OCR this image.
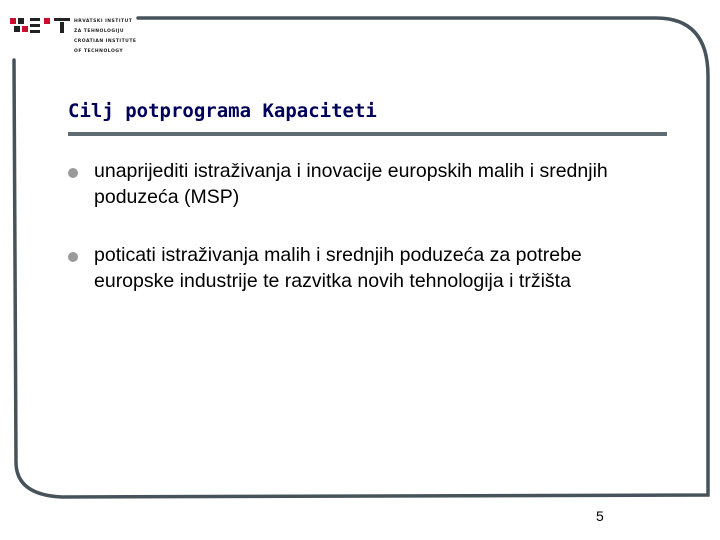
HRVATSKI INSTITUT
ZA TEHNOLOGIJU
CROATIAN INSTITUTE
OF TECHNOLOGY
Cilj potprograma Kapaciteti
unaprijediti istraživanja i inovacije europskih malih i srednjih poduzeća (MSP)
poticati istraživanja malih i srednjih poduzeća za potrebe europske industrije te razvitka novih tehnologija i tržišta
5
